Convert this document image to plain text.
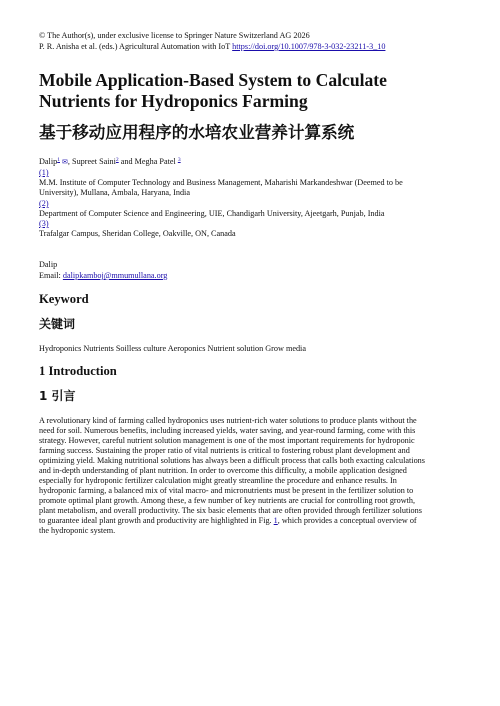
© The Author(s), under exclusive license to Springer Nature Switzerland AG 2026
P. R. Anisha et al. (eds.) Agricultural Automation with IoT https://doi.org/10.1007/978-3-032-23211-3_10
Mobile Application-Based System to Calculate
Nutrients for Hydroponics Farming
基于移动应用程序的水培农业营养计算系统
Dalip$^1$ ✉, Supreet Saini$^2$ and Megha Patel $^3$
(1)
M.M. Institute of Computer Technology and Business Management, Maharishi Markandeshwar (Deemed to be
University), Mullana, Ambala, Haryana, India
(2)
Department of Computer Science and Engineering, UIE, Chandigarh University, Ajeetgarh, Punjab, India
(3)
Trafalgar Campus, Sheridan College, Oakville, ON, Canada
Dalip
Email: dalipkamboj@mmumullana.org
Keyword
关键词
Hydroponics Nutrients Soilless culture Aeroponics Nutrient solution Grow media
1 Introduction
1 引言
A revolutionary kind of farming called hydroponics uses nutrient-rich water solutions to produce plants without the
need for soil. Numerous benefits, including increased yields, water saving, and year-round farming, come with this
strategy. However, careful nutrient solution management is one of the most important requirements for hydroponic
farming success. Sustaining the proper ratio of vital nutrients is critical to fostering robust plant development and
optimizing yield. Making nutritional solutions has always been a difficult process that calls both exacting calculations
and in-depth understanding of plant nutrition. In order to overcome this difficulty, a mobile application designed
especially for hydroponic fertilizer calculation might greatly streamline the procedure and enhance results. In
hydroponic farming, a balanced mix of vital macro- and micronutrients must be present in the fertilizer solution to
promote optimal plant growth. Among these, a few number of key nutrients are crucial for controlling root growth,
plant metabolism, and overall productivity. The six basic elements that are often provided through fertilizer solutions
to guarantee ideal plant growth and productivity are highlighted in Fig. 1, which provides a conceptual overview of
the hydroponic system.
